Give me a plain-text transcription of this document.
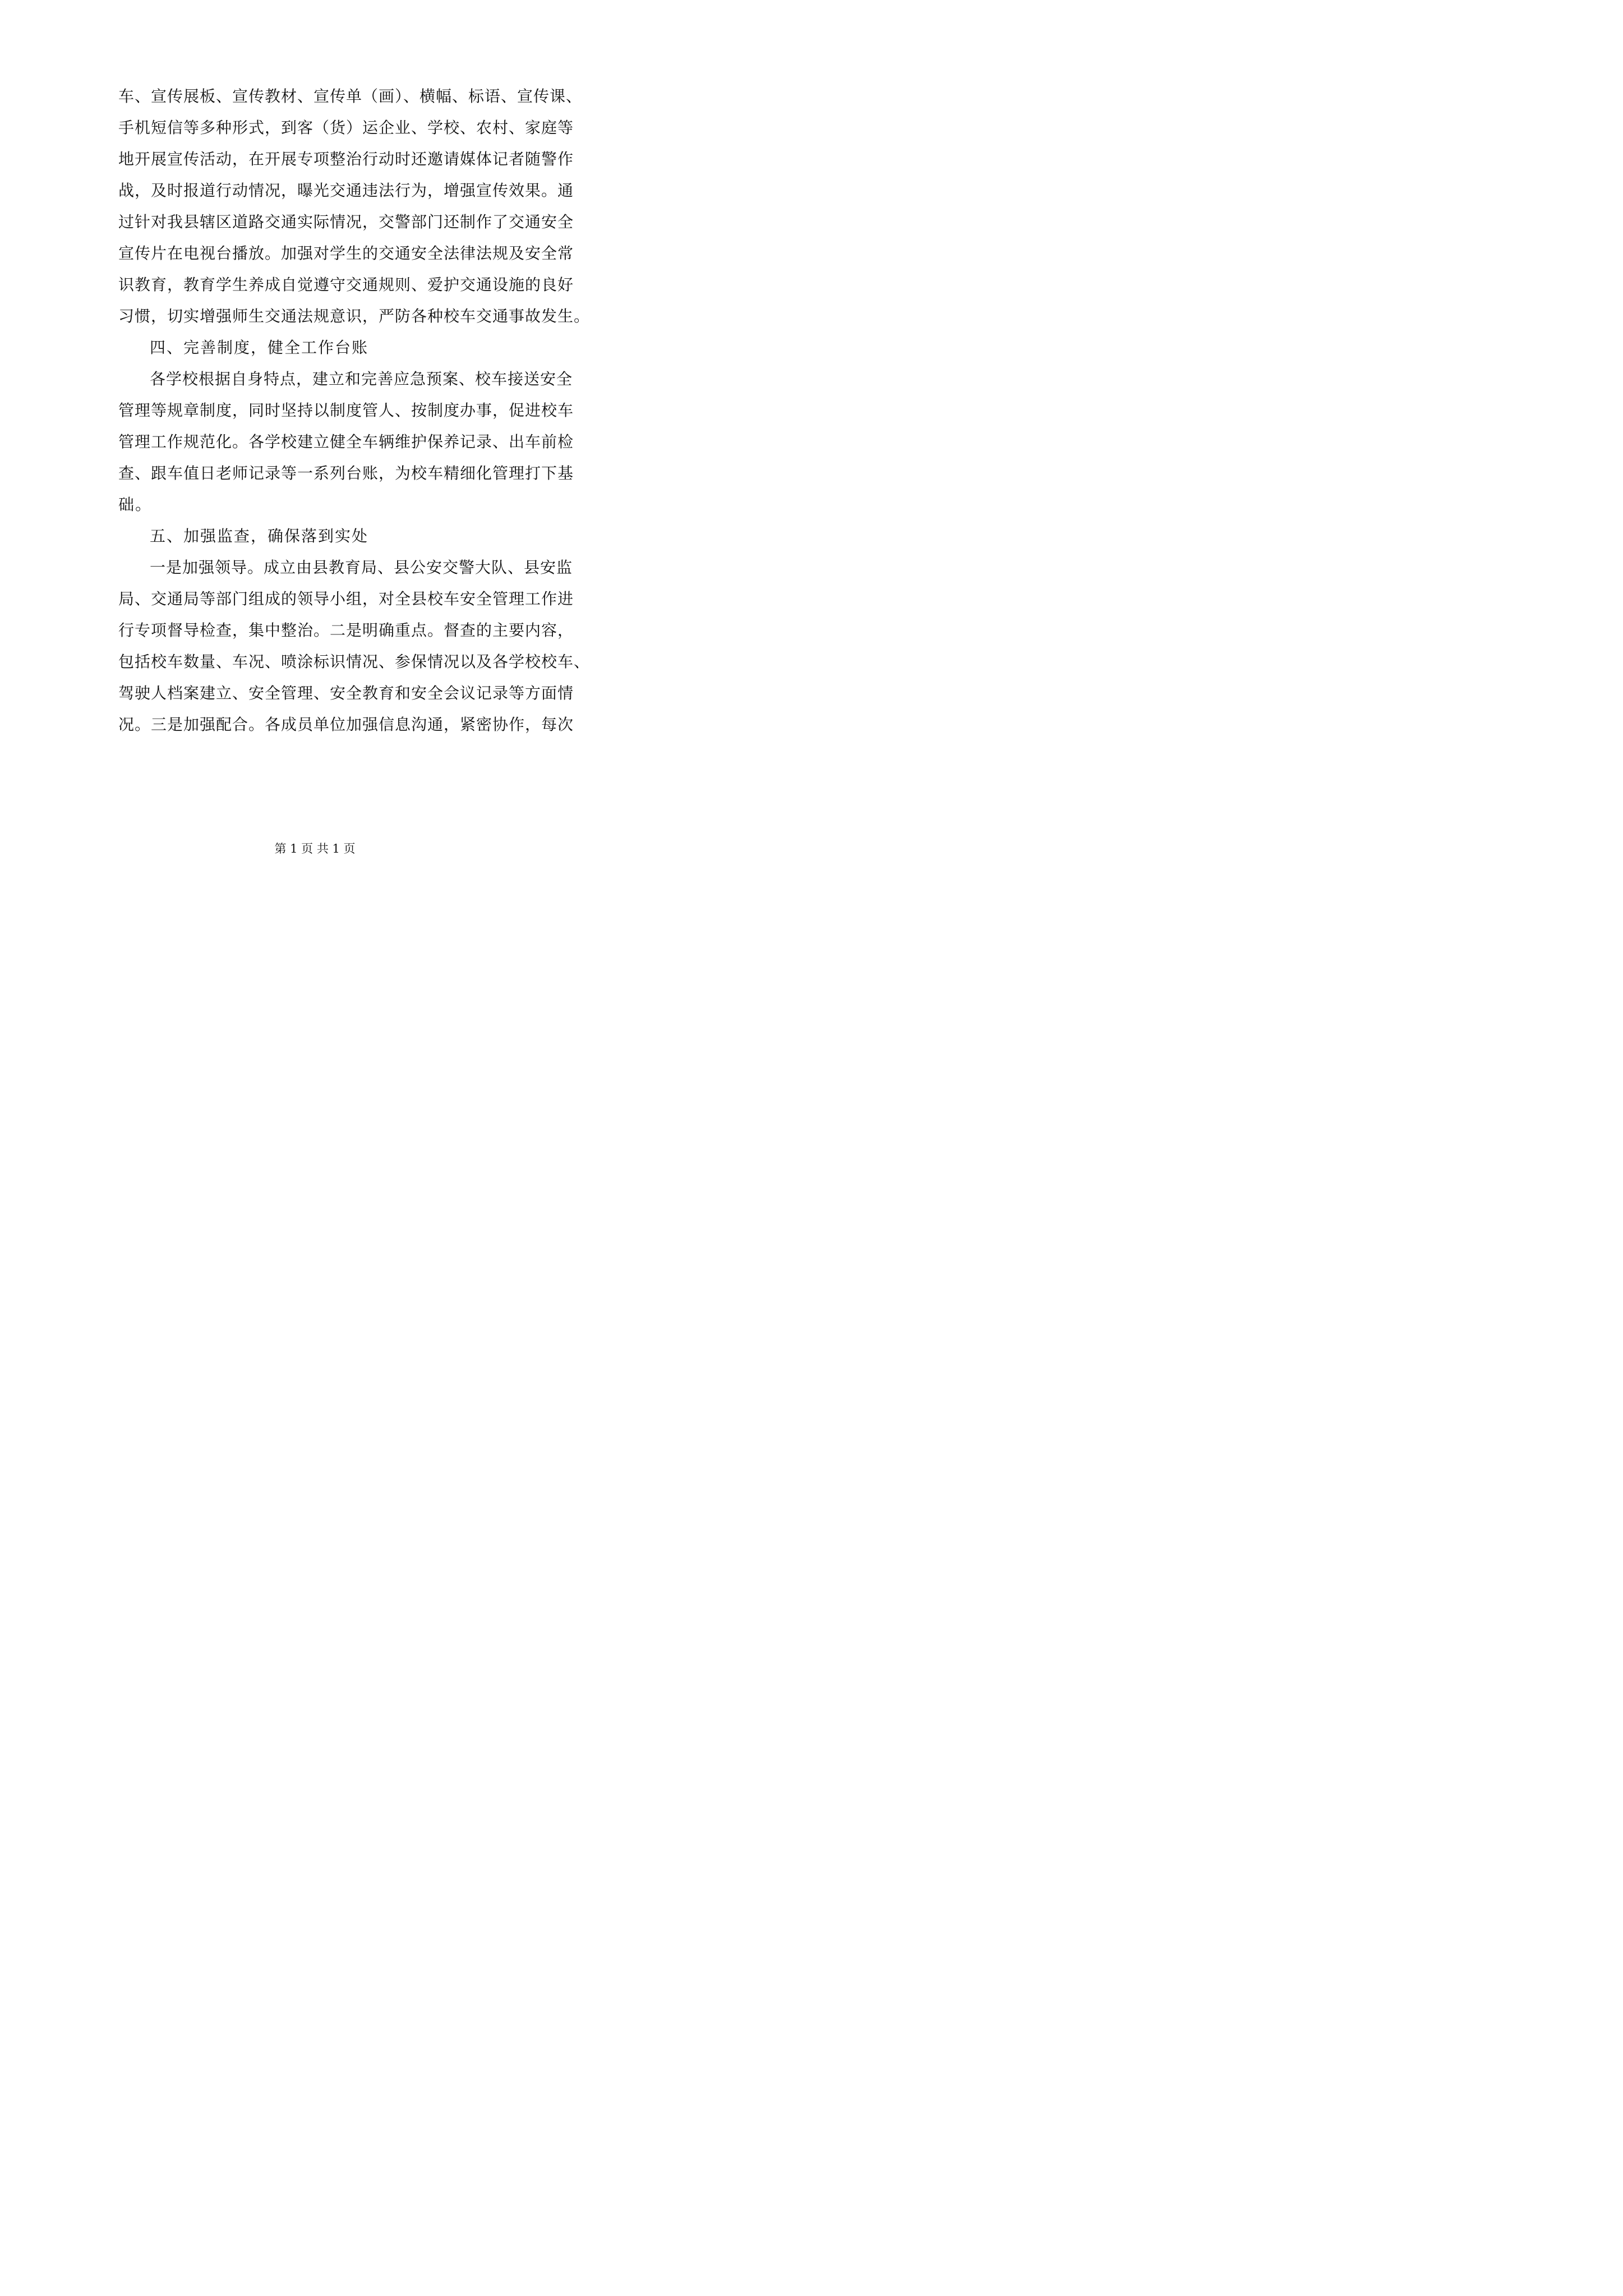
车、宣传展板、宣传教材、宣传单（画）、横幅、标语、宣传课、
手机短信等多种形式，到客（货）运企业、学校、农村、家庭等
地开展宣传活动，在开展专项整治行动时还邀请媒体记者随警作
战，及时报道行动情况，曝光交通违法行为，增强宣传效果。通
过针对我县辖区道路交通实际情况，交警部门还制作了交通安全
宣传片在电视台播放。加强对学生的交通安全法律法规及安全常
识教育，教育学生养成自觉遵守交通规则、爱护交通设施的良好
习惯，切实增强师生交通法规意识，严防各种校车交通事故发生。
四、完善制度，健全工作台账
各学校根据自身特点，建立和完善应急预案、校车接送安全
管理等规章制度，同时坚持以制度管人、按制度办事，促进校车
管理工作规范化。各学校建立健全车辆维护保养记录、出车前检
查、跟车值日老师记录等一系列台账，为校车精细化管理打下基
础。
五、加强监查，确保落到实处
一是加强领导。成立由县教育局、县公安交警大队、县安监
局、交通局等部门组成的领导小组，对全县校车安全管理工作进
行专项督导检查，集中整治。二是明确重点。督查的主要内容，
包括校车数量、车况、喷涂标识情况、参保情况以及各学校校车、
驾驶人档案建立、安全管理、安全教育和安全会议记录等方面情
况。三是加强配合。各成员单位加强信息沟通，紧密协作，每次
第 1 页 共 1 页
